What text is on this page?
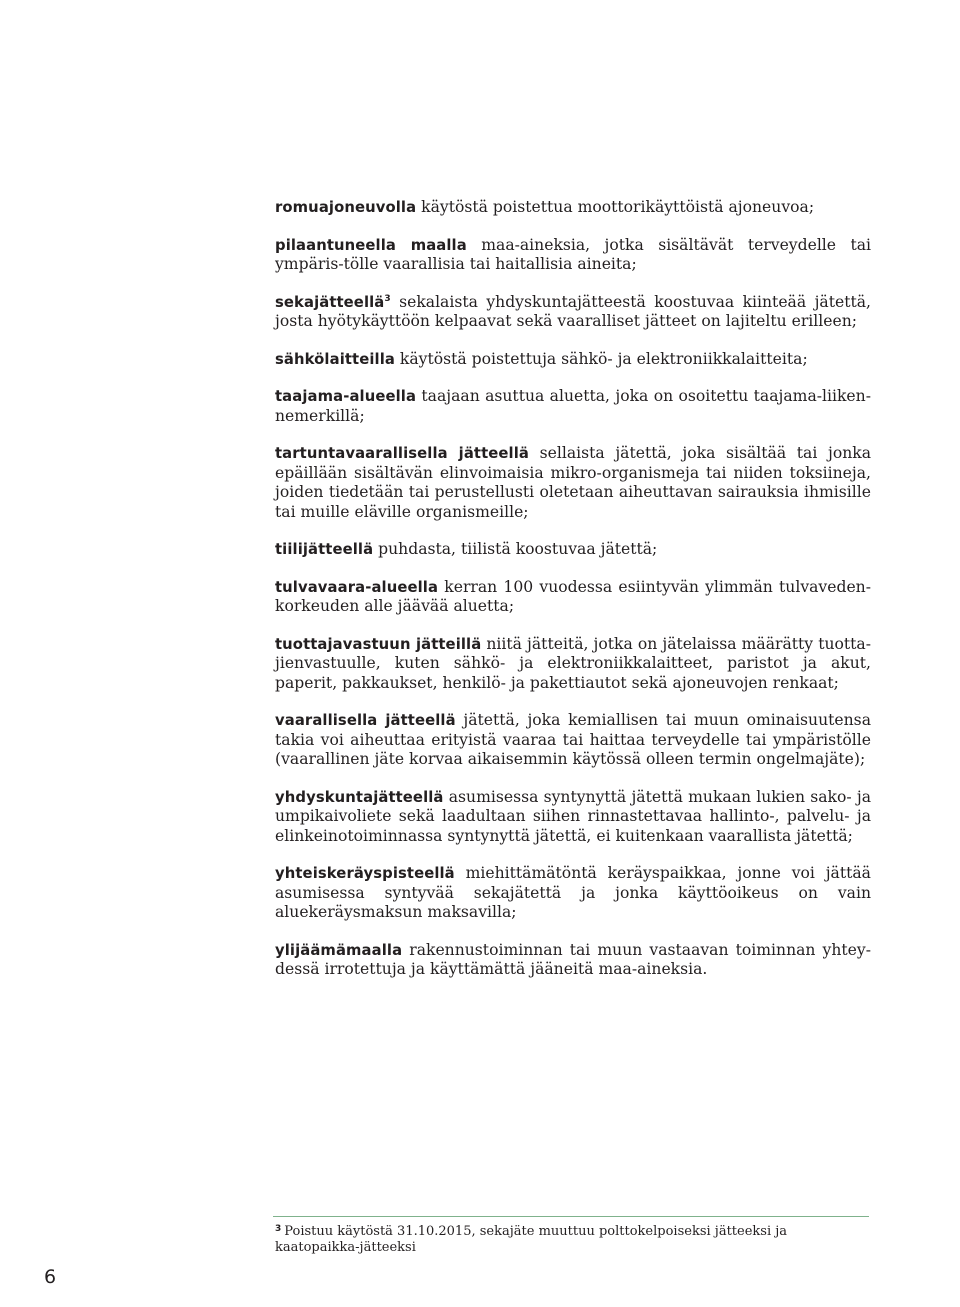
romuajoneuvolla käytöstä poistettua moottorikäyttöistä ajoneuvoa;

pilaantuneella maalla maa-aineksia, jotka sisältävät terveydelle tai ympäris-tölle vaarallisia tai haitallisia aineita;

sekajätteellä$^3$ sekalaista yhdyskuntajätteestä koostuvaa kiinteää jätettä, josta hyötykäyttöön kelpaavat sekä vaaralliset jätteet on lajiteltu erilleen;

sähkölaitteilla käytöstä poistettuja sähkö- ja elektroniikkalaitteita;

taajama-alueella taajaan asuttua aluetta, joka on osoitettu taajama-liikennemerkillä;

tartuntavaarallisella jätteellä sellaista jätettä, joka sisältää tai jonka epäillään sisältävän elinvoimaisia mikro-organismeja tai niiden toksiineja, joiden tiedetään tai perustellusti oletetaan aiheuttavan sairauksia ihmisille tai muille eläville organismeille;

tiilijätteellä puhdasta, tiilistä koostuvaa jätettä;

tulvavaara-alueella kerran 100 vuodessa esiintyvän ylimmän tulvavedenkorkeuden alle jäävää aluetta;

tuottajavastuun jätteillä niitä jätteitä, jotka on jätelaissa määrätty tuottajienvastuulle, kuten sähkö- ja elektroniikkalaitteet, paristot ja akut, paperit, pakkaukset, henkilö- ja pakettiautot sekä ajoneuvojen renkaat;

vaarallisella jätteellä jätettä, joka kemiallisen tai muun ominaisuutensa takia voi aiheuttaa erityistä vaaraa tai haittaa terveydelle tai ympäristölle (vaarallinen jäte korvaa aikaisemmin käytössä olleen termin ongelmajäte);

yhdyskuntajätteellä asumisessa syntynyttä jätettä mukaan lukien sako- ja umpikaivoliete sekä laadultaan siihen rinnastettavaa hallinto-, palvelu- ja elinkeinotoiminnassa syntynyttä jätettä, ei kuitenkaan vaarallista jätettä;

yhteiskeräyspisteellä miehittämätöntä keräyspaikkaa, jonne voi jättää asumisessa syntyvää sekajätettä ja jonka käyttöoikeus on vain aluekeräysmaksun maksavilla;

ylijäämämaalla rakennustoiminnan tai muun vastaavan toiminnan yhteydessä irrotettuja ja käyttämättä jääneitä maa-aineksia.

$^3$ Poistuu käytöstä 31.10.2015, sekajäte muuttuu polttokelpoiseksi jätteeksi ja kaatopaikka-jätteeksi
6
